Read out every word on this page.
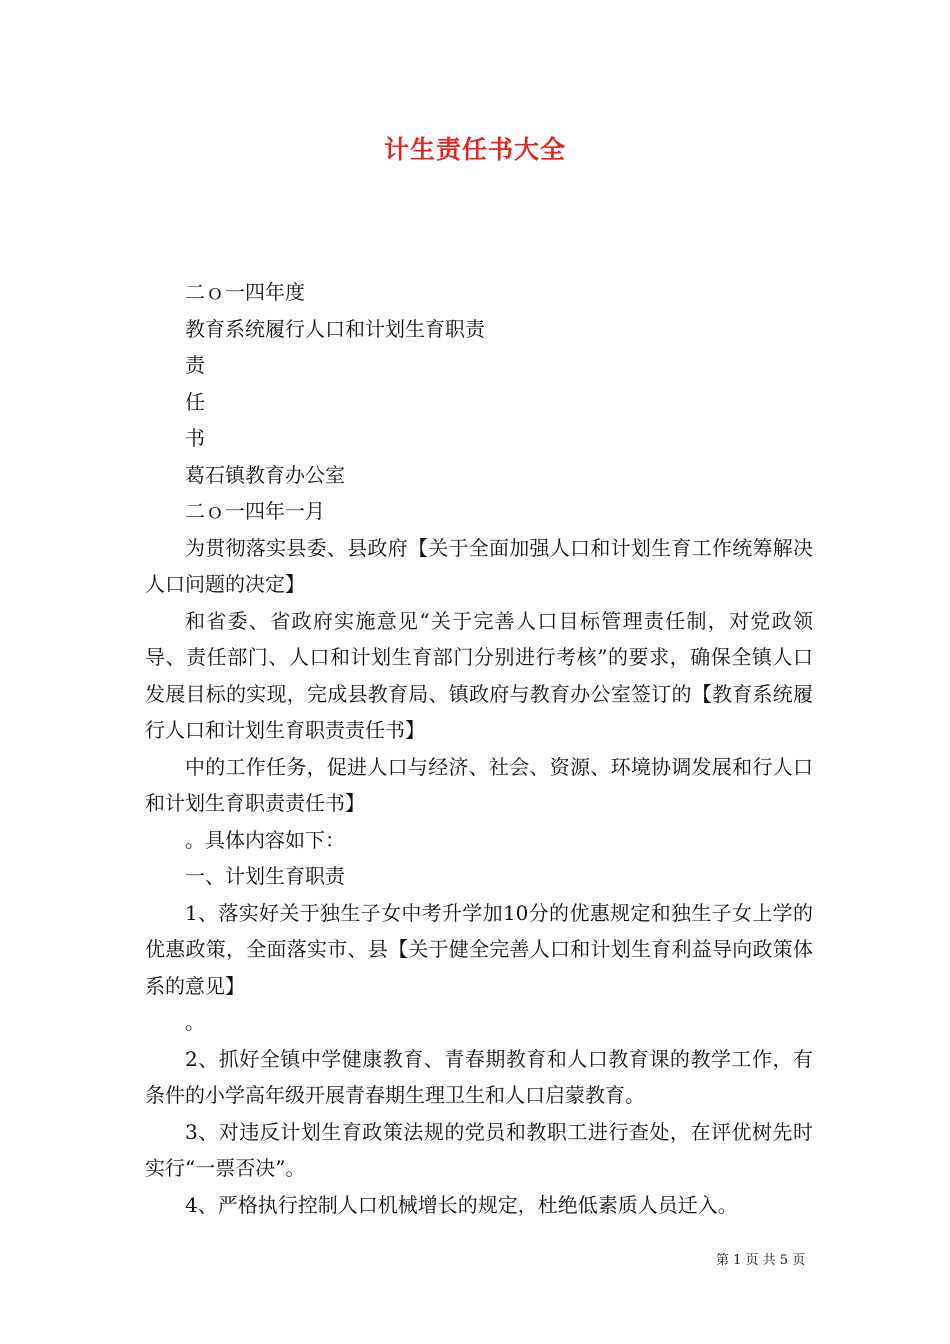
计生责任书大全

二ｏ一四年度

教育系统履行人口和计划生育职责

责

任

书

葛石镇教育办公室

二ｏ一四年一月

为贯彻落实县委、县政府【关于全面加强人口和计划生育工作统筹解决人口问题的决定】

和省委、省政府实施意见“关于完善人口目标管理责任制，对党政领导、责任部门、人口和计划生育部门分别进行考核”的要求，确保全镇人口发展目标的实现，完成县教育局、镇政府与教育办公室签订的【教育系统履行人口和计划生育职责责任书】

中的工作任务，促进人口与经济、社会、资源、环境协调发展和行人口和计划生育职责责任书】

。具体内容如下：

一、计划生育职责

1、落实好关于独生子女中考升学加10分的优惠规定和独生子女上学的优惠政策，全面落实市、县【关于健全完善人口和计划生育利益导向政策体系的意见】

。

2、抓好全镇中学健康教育、青春期教育和人口教育课的教学工作，有条件的小学高年级开展青春期生理卫生和人口启蒙教育。

3、对违反计划生育政策法规的党员和教职工进行查处，在评优树先时实行“一票否决”。

4、严格执行控制人口机械增长的规定，杜绝低素质人员迁入。

第 1 页 共 5 页
